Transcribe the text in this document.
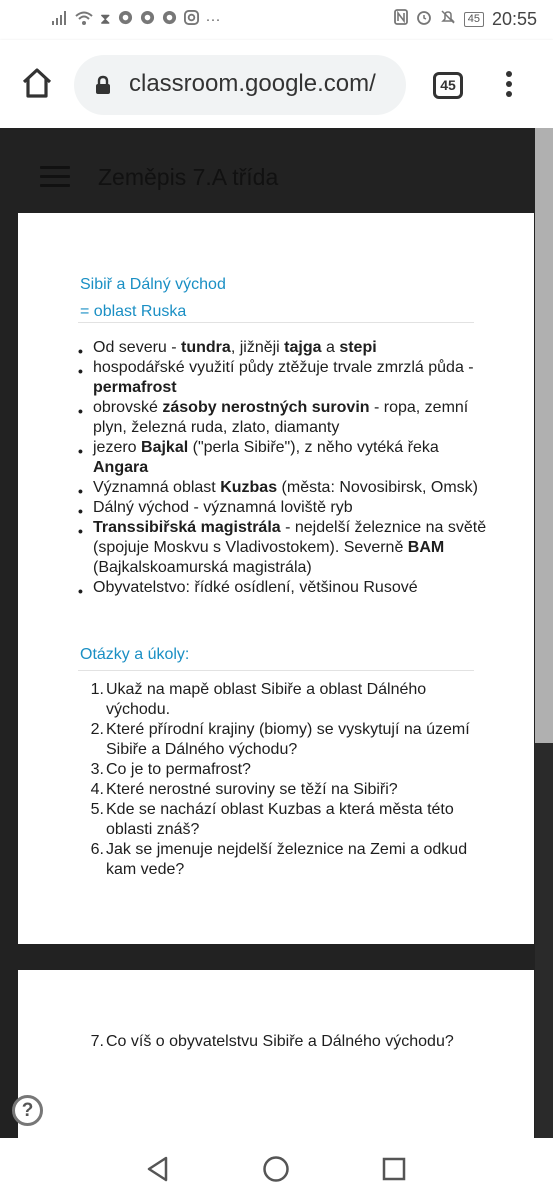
⧗	···	45 20:55
classroom.google.com/	45
Zeměpis 7.A třída
Sibiř a Dálný východ
= oblast Ruska
• Od severu - tundra, jižněji tajga a stepi
• hospodářské využití půdy ztěžuje trvale zmrzlá půda - permafrost
• obrovské zásoby nerostných surovin - ropa, zemní plyn, železná ruda, zlato, diamanty
• jezero Bajkal ("perla Sibiře"), z něho vytéká řeka Angara
• Významná oblast Kuzbas (města: Novosibirsk, Omsk)
• Dálný východ - významná loviště ryb
• Transsibiřská magistrála - nejdelší železnice na světě (spojuje Moskvu s Vladivostokem). Severně BAM (Bajkalskoamurská magistrála)
• Obyvatelstvo: řídké osídlení, většinou Rusové
Otázky a úkoly:
1. Ukaž na mapě oblast Sibiře a oblast Dálného východu.
2. Které přírodní krajiny (biomy) se vyskytují na území Sibiře a Dálného východu?
3. Co je to permafrost?
4. Které nerostné suroviny se těží na Sibiři?
5. Kde se nachází oblast Kuzbas a která města této oblasti znáš?
6. Jak se jmenuje nejdelší železnice na Zemi a odkud kam vede?
7. Co víš o obyvatelstvu Sibiře a Dálného východu?
?
